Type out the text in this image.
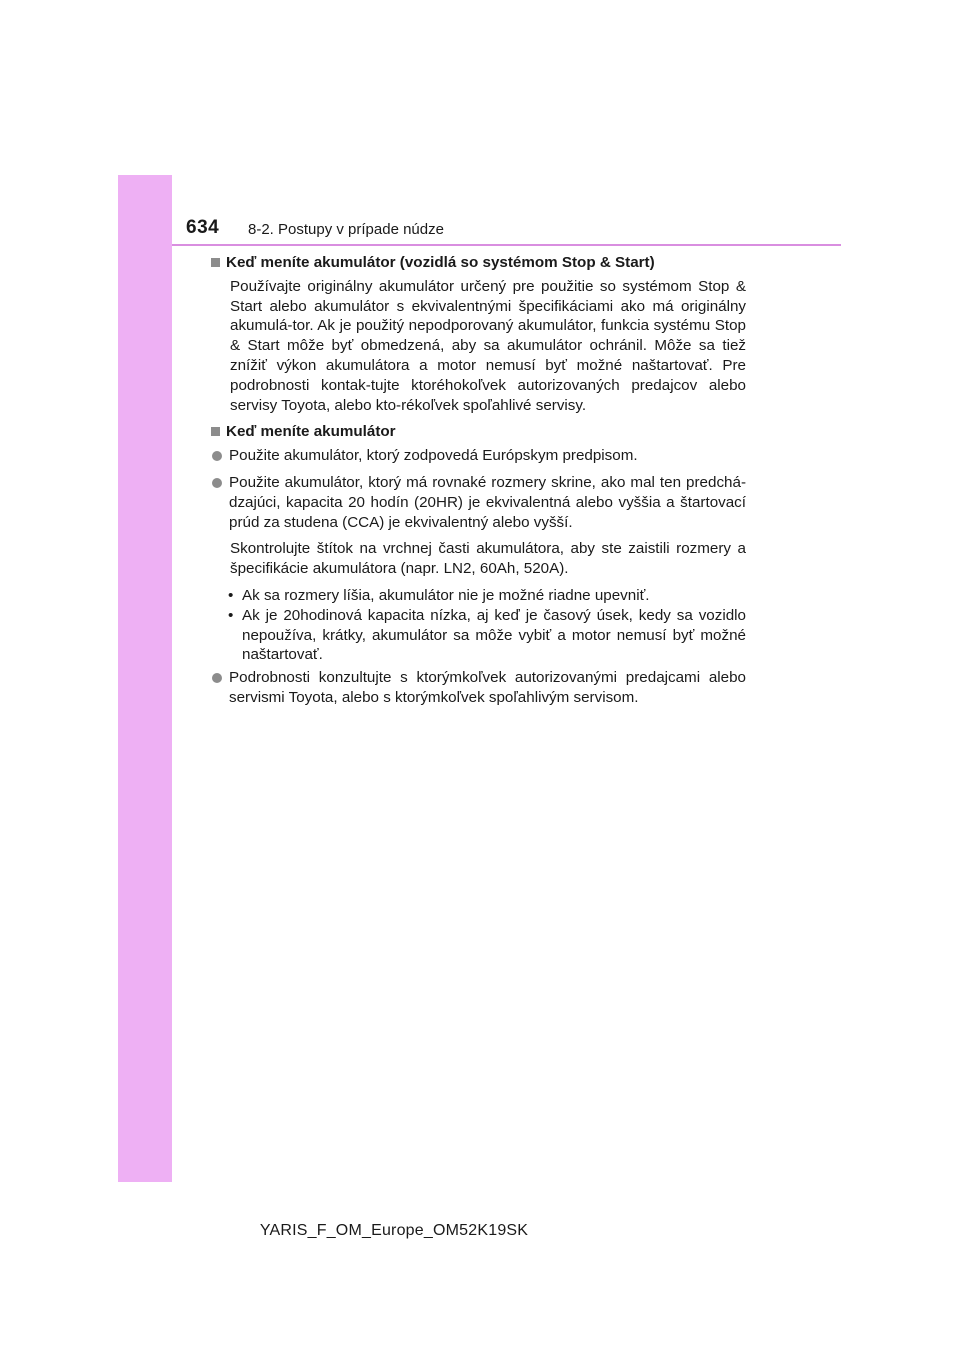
634 8-2. Postupy v prípade núdze
Keď meníte akumulátor (vozidlá so systémom Stop & Start)

Používajte originálny akumulátor určený pre použitie so systémom Stop & Start alebo akumulátor s ekvivalentnými špecifikáciami ako má originálny akumulá-tor. Ak je použitý nepodporovaný akumulátor, funkcia systému Stop & Start môže byť obmedzená, aby sa akumulátor ochránil. Môže sa tiež znížiť výkon akumulátora a motor nemusí byť možné naštartovať. Pre podrobnosti kontak-tujte ktoréhokoľvek autorizovaných predajcov alebo servisy Toyota, alebo kto-rékoľvek spoľahlivé servisy.

Keď meníte akumulátor
Použite akumulátor, ktorý zodpovedá Európskym predpisom.
Použite akumulátor, ktorý má rovnaké rozmery skrine, ako mal ten predchá-dzajúci, kapacita 20 hodín (20HR) je ekvivalentná alebo vyššia a štartovací prúd za studena (CCA) je ekvivalentný alebo vyšší.

Skontrolujte štítok na vrchnej časti akumulátora, aby ste zaistili rozmery a špecifikácie akumulátora (napr. LN2, 60Ah, 520A).

• Ak sa rozmery líšia, akumulátor nie je možné riadne upevniť.
• Ak je 20hodinová kapacita nízka, aj keď je časový úsek, kedy sa vozidlo nepoužíva, krátky, akumulátor sa môže vybiť a motor nemusí byť možné naštartovať.
Podrobnosti konzultujte s ktorýmkoľvek autorizovanými predajcami alebo servismi Toyota, alebo s ktorýmkoľvek spoľahlivým servisom.
YARIS_F_OM_Europe_OM52K19SK
